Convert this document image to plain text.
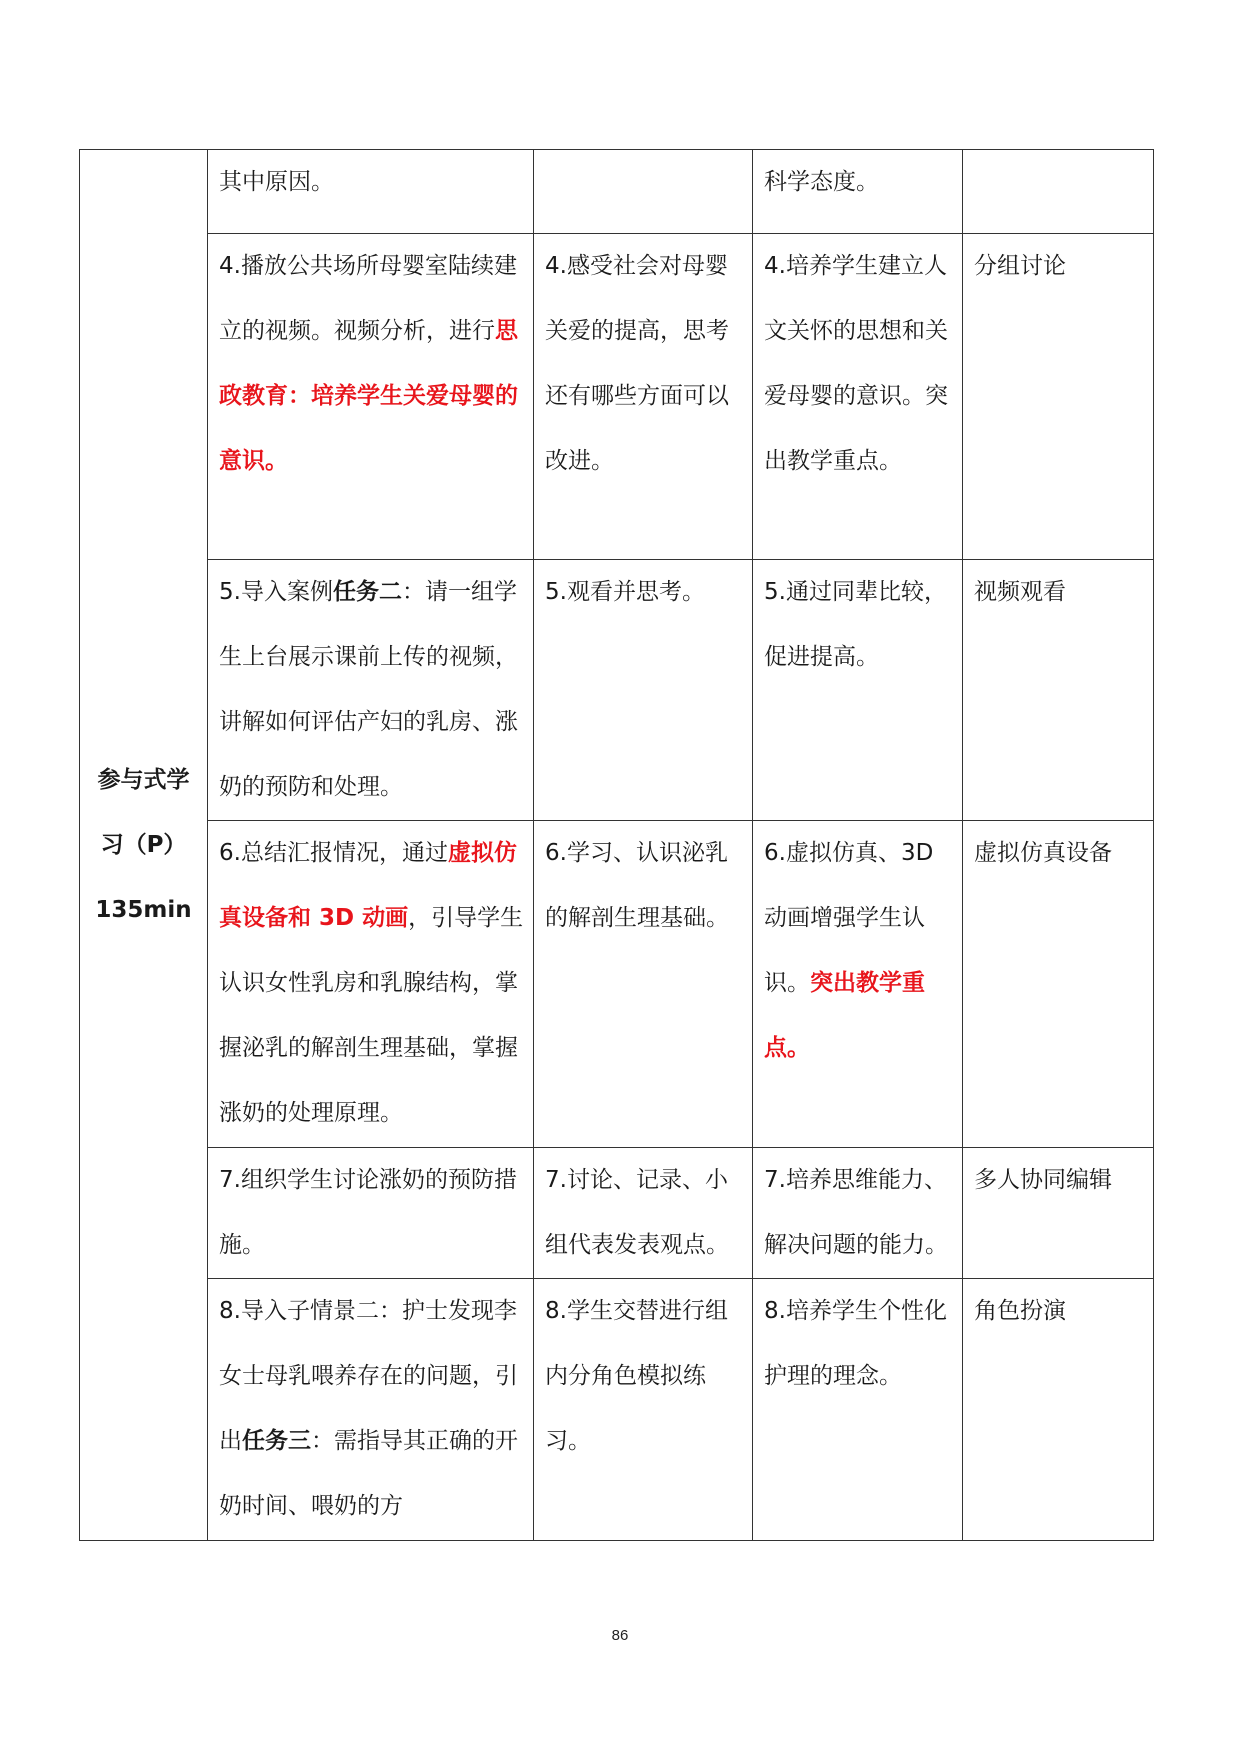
参与式学
习（P）
135min	其中原因。		科学态度。	
	4.播放公共场所母婴室陆续建立的视频。视频分析，进行思政教育：培养学生关爱母婴的意识。	4.感受社会对母婴关爱的提高，思考还有哪些方面可以改进。	4.培养学生建立人文关怀的思想和关爱母婴的意识。突出教学重点。	分组讨论
	5.导入案例任务二：请一组学生上台展示课前上传的视频，讲解如何评估产妇的乳房、涨奶的预防和处理。	5.观看并思考。	5.通过同辈比较，促进提高。	视频观看
	6.总结汇报情况，通过虚拟仿真设备和 3D 动画，引导学生认识女性乳房和乳腺结构，掌握泌乳的解剖生理基础，掌握涨奶的处理原理。	6.学习、认识泌乳的解剖生理基础。	6.虚拟仿真、3D 动画增强学生认识。突出教学重点。	虚拟仿真设备
	7.组织学生讨论涨奶的预防措施。	7.讨论、记录、小组代表发表观点。	7.培养思维能力、解决问题的能力。	多人协同编辑
	8.导入子情景二：护士发现李女士母乳喂养存在的问题，引出任务三：需指导其正确的开奶时间、喂奶的方	8.学生交替进行组内分角色模拟练习。	8.培养学生个性化护理的理念。	角色扮演
86
